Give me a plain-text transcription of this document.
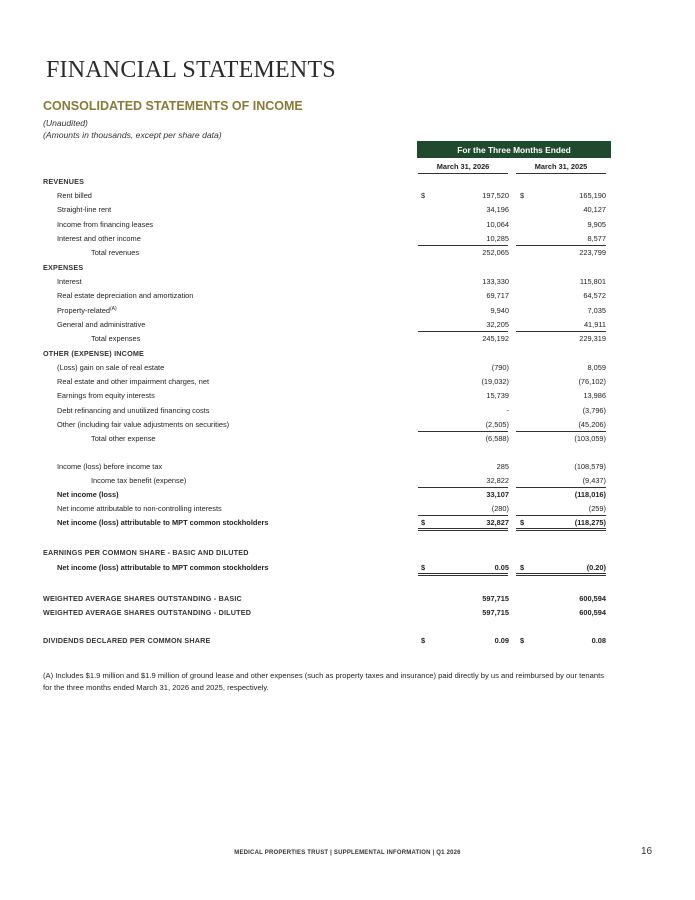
FINANCIAL STATEMENTS
CONSOLIDATED STATEMENTS OF INCOME
(Unaudited)
(Amounts in thousands, except per share data)
For the Three Months Ended
March 31, 2026	March 31, 2025
REVENUES
Rent billed	$	197,520 $	165,190
Straight-line rent	34,196	40,127
Income from financing leases	10,064	9,905
Interest and other income	10,285	8,577
Total revenues	252,065	223,799
EXPENSES
Interest	133,330	115,801
Real estate depreciation and amortization	69,717	64,572
Property-related$^{(A)}$	9,940	7,035
General and administrative	32,205	41,911
Total expenses	245,192	229,319
OTHER (EXPENSE) INCOME
(Loss) gain on sale of real estate	(790)	8,059
Real estate and other impairment charges, net	(19,032)	(76,102)
Earnings from equity interests	15,739	13,986
Debt refinancing and unutilized financing costs	-	(3,796)
Other (including fair value adjustments on securities)	(2,505)	(45,206)
Total other expense	(6,588)	(103,059)
Income (loss) before income tax	285	(108,579)
Income tax benefit (expense)	32,822	(9,437)
Net income (loss)	33,107	(118,016)
Net income attributable to non-controlling interests	(280)	(259)
Net income (loss) attributable to MPT common stockholders	$	32,827 $	(118,275)
EARNINGS PER COMMON SHARE - BASIC AND DILUTED
Net income (loss) attributable to MPT common stockholders	$	0.05 $	(0.20)
WEIGHTED AVERAGE SHARES OUTSTANDING - BASIC	597,715	600,594
WEIGHTED AVERAGE SHARES OUTSTANDING - DILUTED	597,715	600,594
DIVIDENDS DECLARED PER COMMON SHARE	$	0.09 $	0.08
(A) Includes $1.9 million and $1.9 million of ground lease and other expenses (such as property taxes and insurance) paid directly by us and reimbursed by our tenants for the three months ended March 31, 2026 and 2025, respectively.
MEDICAL PROPERTIES TRUST | SUPPLEMENTAL INFORMATION | Q1 2026	16
